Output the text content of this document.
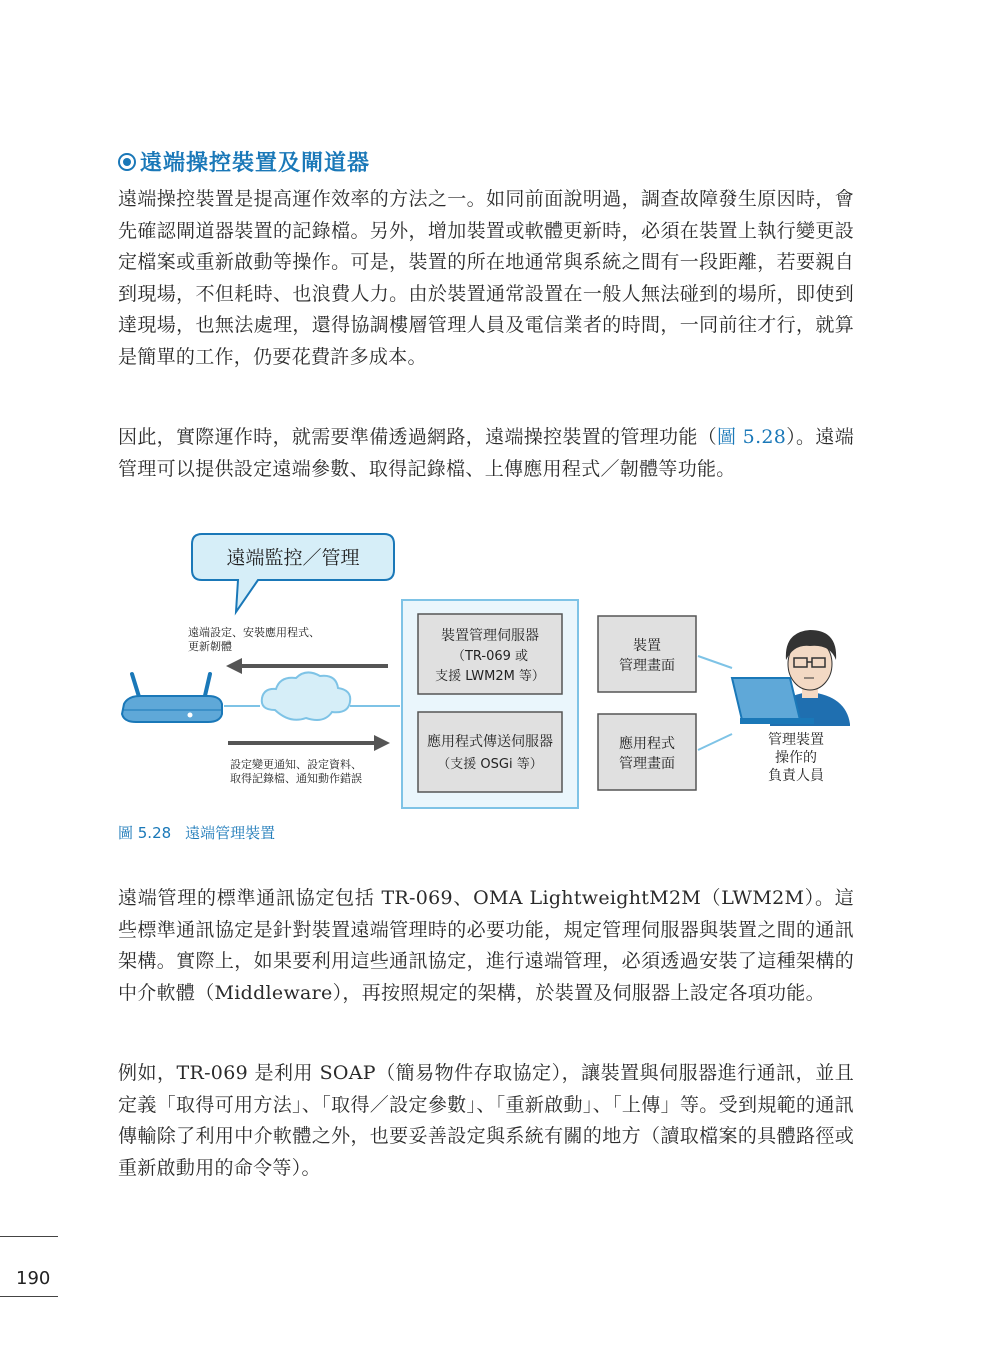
遠端操控裝置及閘道器

遠端操控裝置是提高運作效率的方法之一。如同前面說明過，調查故障發生原因時，會先確認閘道器裝置的記錄檔。另外，增加裝置或軟體更新時，必須在裝置上執行變更設定檔案或重新啟動等操作。可是，裝置的所在地通常與系統之間有一段距離，若要親自到現場，不但耗時、也浪費人力。由於裝置通常設置在一般人無法碰到的場所，即使到達現場，也無法處理，還得協調樓層管理人員及電信業者的時間，一同前往才行，就算是簡單的工作，仍要花費許多成本。

因此，實際運作時，就需要準備透過網路，遠端操控裝置的管理功能（圖 5.28）。遠端管理可以提供設定遠端參數、取得記錄檔、上傳應用程式／韌體等功能。

遠端監控／管理
遠端設定、安裝應用程式、
更新韌體
設定變更通知、設定資料、
取得記錄檔、通知動作錯誤
裝置管理伺服器
（TR-069 或
支援 LWM2M 等）
應用程式傳送伺服器
（支援 OSGi 等）
裝置
管理畫面
應用程式
管理畫面
管理裝置
操作的
負責人員
圖 5.28 遠端管理裝置

遠端管理的標準通訊協定包括 TR-069、OMA LightweightM2M（LWM2M）。這些標準通訊協定是針對裝置遠端管理時的必要功能，規定管理伺服器與裝置之間的通訊架構。實際上，如果要利用這些通訊協定，進行遠端管理，必須透過安裝了這種架構的中介軟體（Middleware），再按照規定的架構，於裝置及伺服器上設定各項功能。

例如，TR-069 是利用 SOAP（簡易物件存取協定），讓裝置與伺服器進行通訊，並且定義「取得可用方法」、「取得／設定參數」、「重新啟動」、「上傳」等。受到規範的通訊傳輸除了利用中介軟體之外，也要妥善設定與系統有關的地方（讀取檔案的具體路徑或重新啟動用的命令等）。

190
